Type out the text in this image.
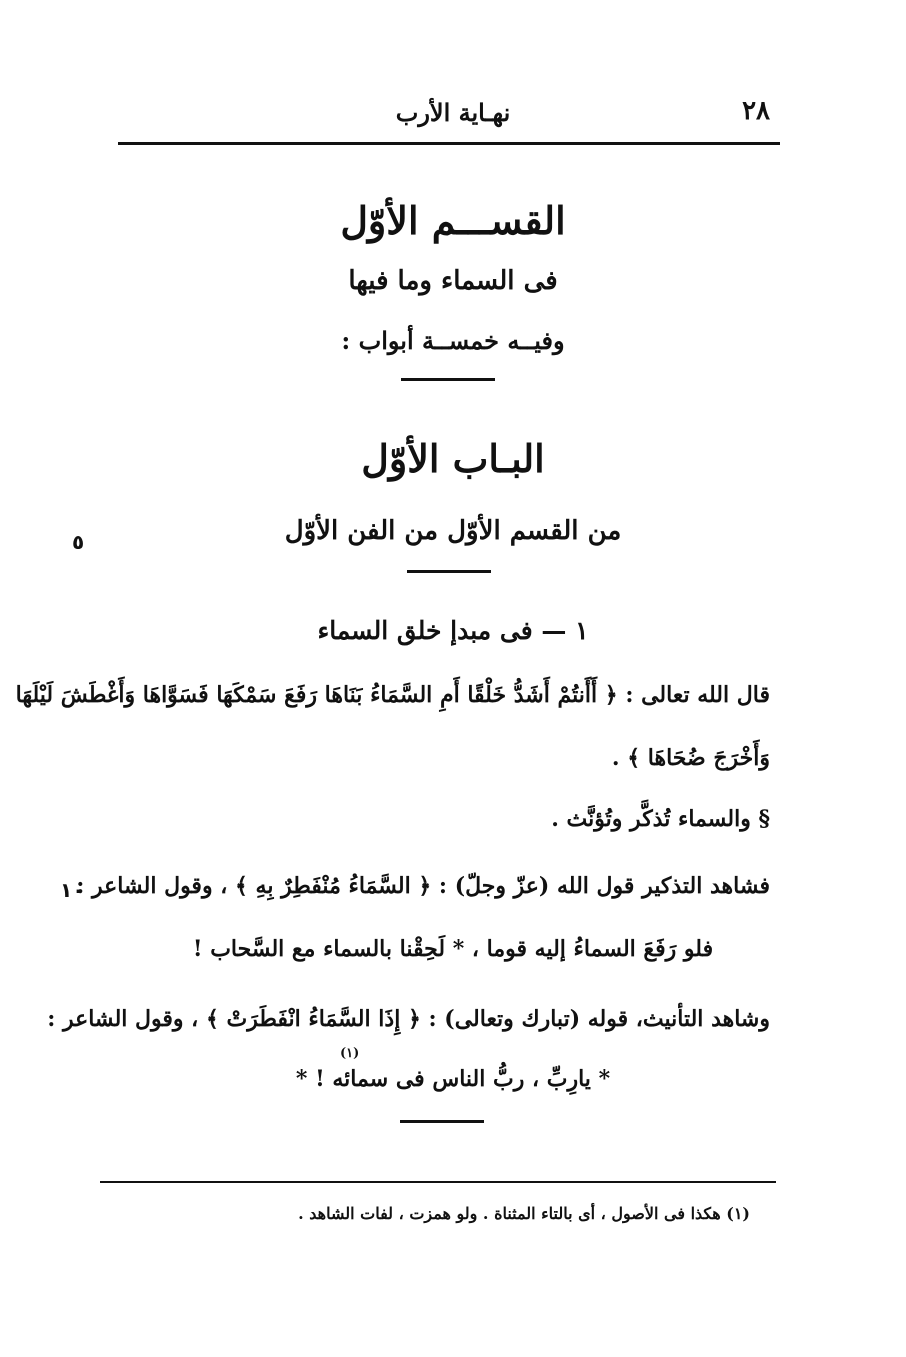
٢٨
نهـاية الأرب
القســـم الأوّل
فى السماء وما فيها
وفيــه خمســة أبواب :
البـاب الأوّل
من القسم الأوّل من الفن الأوّل
٥
١ — فى مبدإ خلق السماء
قال الله تعالى : ﴿ أَأَنتُمْ أَشَدُّ خَلْقًا أَمِ السَّمَاءُ بَنَاهَا رَفَعَ سَمْكَهَا فَسَوَّاهَا وَأَغْطَشَ لَيْلَهَا
وَأَخْرَجَ ضُحَاهَا ﴾ .
§ والسماء تُذكَّر وتُؤنَّث .
فشاهد التذكير قول الله (عزّ وجلّ) : ﴿ السَّمَاءُ مُنْفَطِرٌ بِهِ ﴾ ، وقول الشاعر :
١٠
فلو رَفَعَ السماءُ إليه قوما ، * لَحِقْنا بالسماء مع السَّحاب !
وشاهد التأنيث، قوله (تبارك وتعالى) : ﴿ إِذَا السَّمَاءُ انْفَطَرَتْ ﴾ ، وقول الشاعر :
(١)
* يارِبِّ ، ربُّ الناس فى سمائه ! *
(١) هكذا فى الأصول ، أى بالتاء المثناة . ولو همزت ، لفات الشاهد .
